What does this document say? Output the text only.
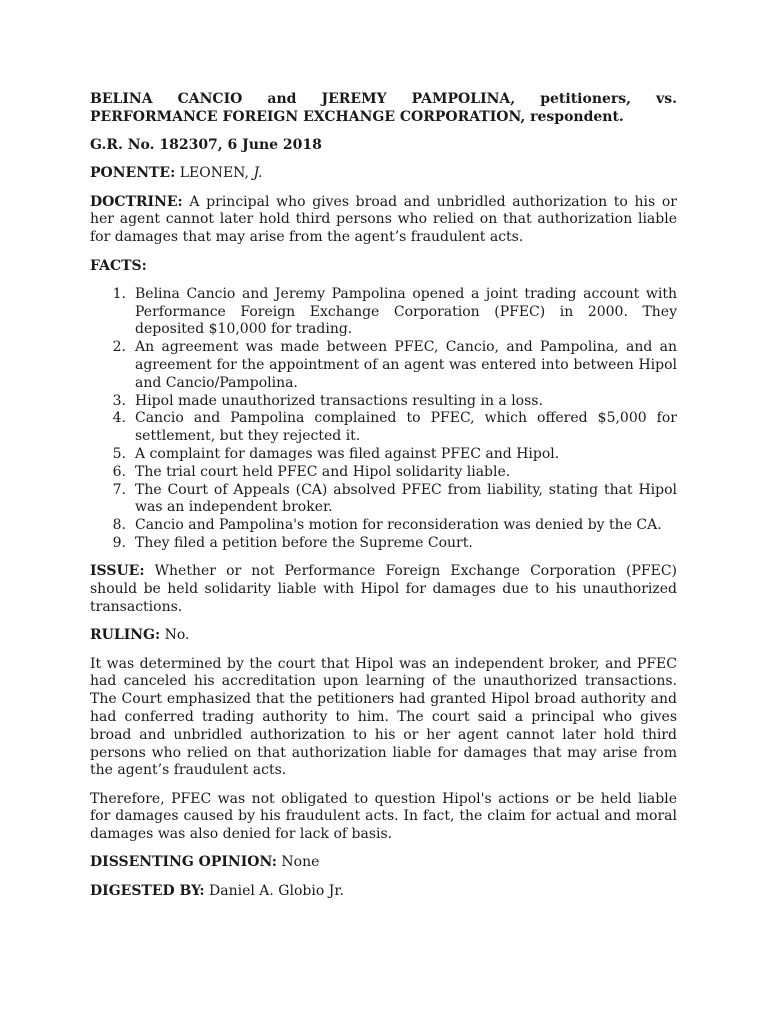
BELINA CANCIO and JEREMY PAMPOLINA, petitioners, vs.
PERFORMANCE FOREIGN EXCHANGE CORPORATION, respondent.

G.R. No. 182307, 6 June 2018

PONENTE: LEONEN, J.

DOCTRINE: A principal who gives broad and unbridled authorization to his or her agent cannot later hold third persons who relied on that authorization liable for damages that may arise from the agent’s fraudulent acts.

FACTS:

1. Belina Cancio and Jeremy Pampolina opened a joint trading account with Performance Foreign Exchange Corporation (PFEC) in 2000. They deposited $10,000 for trading.
2. An agreement was made between PFEC, Cancio, and Pampolina, and an agreement for the appointment of an agent was entered into between Hipol and Cancio/Pampolina.
3. Hipol made unauthorized transactions resulting in a loss.
4. Cancio and Pampolina complained to PFEC, which offered $5,000 for settlement, but they rejected it.
5. A complaint for damages was filed against PFEC and Hipol.
6. The trial court held PFEC and Hipol solidarity liable.
7. The Court of Appeals (CA) absolved PFEC from liability, stating that Hipol was an independent broker.
8. Cancio and Pampolina's motion for reconsideration was denied by the CA.
9. They filed a petition before the Supreme Court.

ISSUE: Whether or not Performance Foreign Exchange Corporation (PFEC) should be held solidarity liable with Hipol for damages due to his unauthorized transactions.

RULING: No.

It was determined by the court that Hipol was an independent broker, and PFEC had canceled his accreditation upon learning of the unauthorized transactions. The Court emphasized that the petitioners had granted Hipol broad authority and had conferred trading authority to him. The court said a principal who gives broad and unbridled authorization to his or her agent cannot later hold third persons who relied on that authorization liable for damages that may arise from the agent’s fraudulent acts.

Therefore, PFEC was not obligated to question Hipol's actions or be held liable for damages caused by his fraudulent acts. In fact, the claim for actual and moral damages was also denied for lack of basis.

DISSENTING OPINION: None

DIGESTED BY: Daniel A. Globio Jr.
